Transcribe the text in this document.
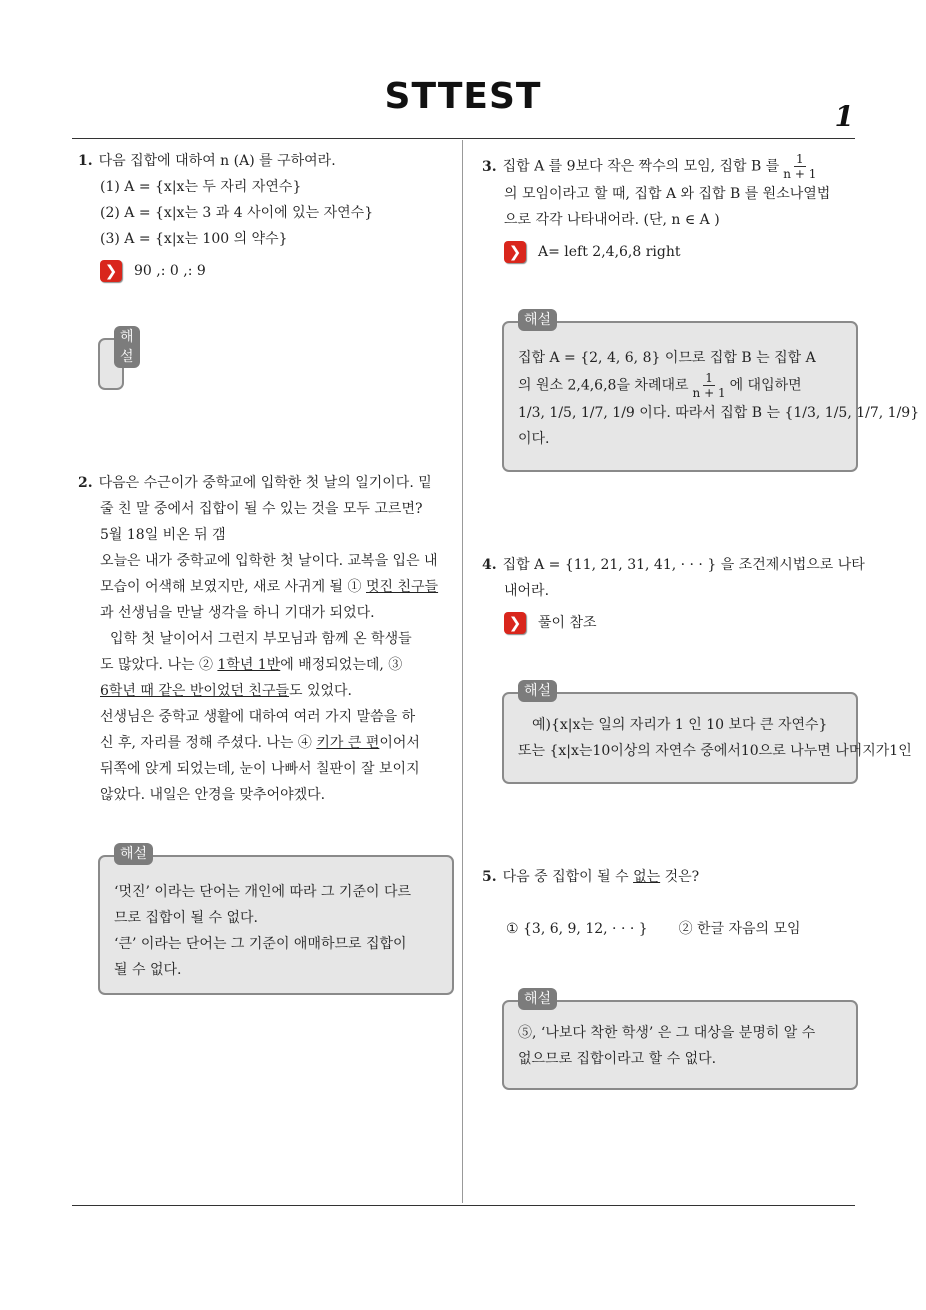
STTEST	1
1. 다음 집합에 대하여 n (A) 를 구하여라.
(1) A = {x|x는 두 자리 자연수}
(2) A = {x|x는 3 과 4 사이에 있는 자연수}
(3) A = {x|x는 100 의 약수}
❯	90 ,: 0 ,: 9
해설
2. 다음은 수근이가 중학교에 입학한 첫 날의 일기이다. 밑
줄 친 말 중에서 집합이 될 수 있는 것을 모두 고르면?
5월 18일 비온 뒤 갬
오늘은 내가 중학교에 입학한 첫 날이다. 교복을 입은 내
모습이 어색해 보였지만, 새로 사귀게 될 ① 멋진 친구들
과 선생님을 만날 생각을 하니 기대가 되었다.
입학 첫 날이어서 그런지 부모님과 함께 온 학생들
도 많았다. 나는 ② 1학년 1반에 배정되었는데, ③
6학년 때 같은 반이었던 친구들도 있었다.
선생님은 중학교 생활에 대하여 여러 가지 말씀을 하
신 후, 자리를 정해 주셨다. 나는 ④ 키가 큰 편이어서
뒤쪽에 앉게 되었는데, 눈이 나빠서 칠판이 잘 보이지
않았다. 내일은 안경을 맞추어야겠다.
해설
‘멋진’ 이라는 단어는 개인에 따라 그 기준이 다르
므로 집합이 될 수 없다.
‘큰’ 이라는 단어는 그 기준이 애매하므로 집합이
될 수 없다.
3. 집합 A 를 9보다 작은 짝수의 모임, 집합 B 를 $\frac{1}{n + 1}$
의 모임이라고 할 때, 집합 A 와 집합 B 를 원소나열법
으로 각각 나타내어라. (단, n ∈ A )
❯	A= left 2,4,6,8 right
해설
집합 A = {2, 4, 6, 8} 이므로 집합 B 는 집합 A
의 원소 2,4,6,8을 차례대로 $\frac{1}{n + 1}$ 에 대입하면
1/3, 1/5, 1/7, 1/9 이다. 따라서 집합 B 는 {1/3, 1/5, 1/7, 1/9}
이다.
4. 집합 A = {11, 21, 31, 41, · · · } 을 조건제시법으로 나타
내어라.
❯	풀이 참조
해설
예){x|x는 일의 자리가 1 인 10 보다 큰 자연수}
또는 {x|x는10이상의 자연수 중에서10으로 나누면 나머지가1인
5. 다음 중 집합이 될 수 없는 것은?
① {3, 6, 9, 12, · · · } ② 한글 자음의 모임
해설
⑤, ‘나보다 착한 학생’ 은 그 대상을 분명히 알 수
없으므로 집합이라고 할 수 없다.
